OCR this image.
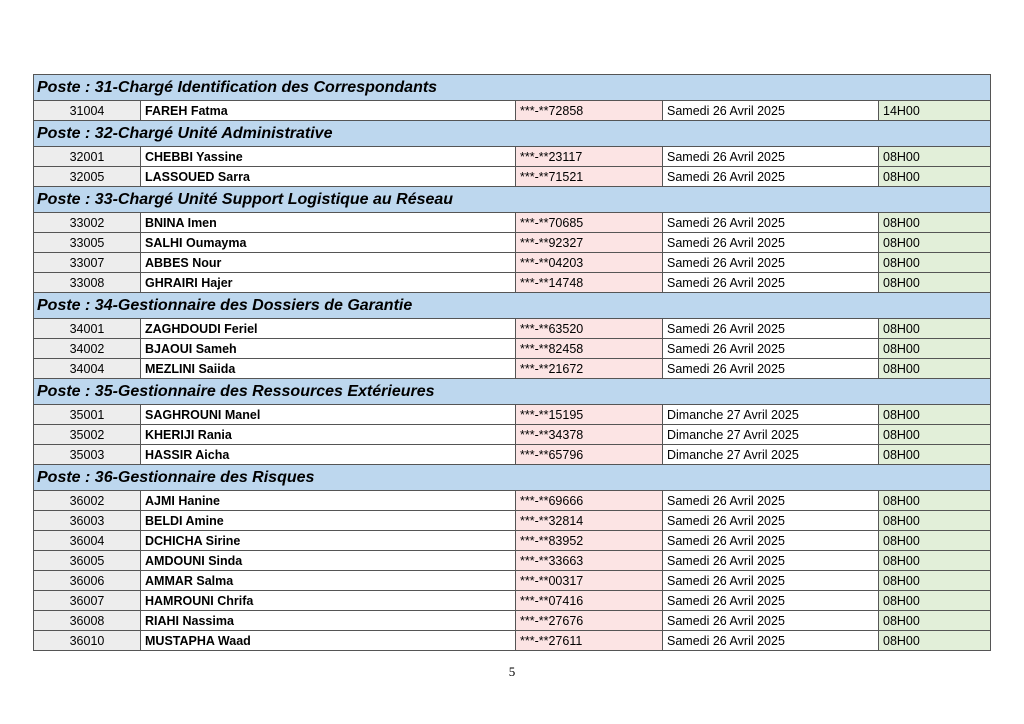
Poste : 31-Chargé Identification des Correspondants				
31004	FAREH Fatma	***-**72858	Samedi 26 Avril 2025	14H00
Poste : 32-Chargé Unité Administrative				
32001	CHEBBI Yassine	***-**23117	Samedi 26 Avril 2025	08H00
32005	LASSOUED Sarra	***-**71521	Samedi 26 Avril 2025	08H00
Poste : 33-Chargé Unité Support Logistique au Réseau				
33002	BNINA Imen	***-**70685	Samedi 26 Avril 2025	08H00
33005	SALHI Oumayma	***-**92327	Samedi 26 Avril 2025	08H00
33007	ABBES Nour	***-**04203	Samedi 26 Avril 2025	08H00
33008	GHRAIRI Hajer	***-**14748	Samedi 26 Avril 2025	08H00
Poste : 34-Gestionnaire des Dossiers de Garantie				
34001	ZAGHDOUDI Feriel	***-**63520	Samedi 26 Avril 2025	08H00
34002	BJAOUI Sameh	***-**82458	Samedi 26 Avril 2025	08H00
34004	MEZLINI Saiida	***-**21672	Samedi 26 Avril 2025	08H00
Poste : 35-Gestionnaire des Ressources Extérieures				
35001	SAGHROUNI Manel	***-**15195	Dimanche 27 Avril 2025	08H00
35002	KHERIJI Rania	***-**34378	Dimanche 27 Avril 2025	08H00
35003	HASSIR Aicha	***-**65796	Dimanche 27 Avril 2025	08H00
Poste : 36-Gestionnaire des Risques				
36002	AJMI Hanine	***-**69666	Samedi 26 Avril 2025	08H00
36003	BELDI Amine	***-**32814	Samedi 26 Avril 2025	08H00
36004	DCHICHA Sirine	***-**83952	Samedi 26 Avril 2025	08H00
36005	AMDOUNI Sinda	***-**33663	Samedi 26 Avril 2025	08H00
36006	AMMAR Salma	***-**00317	Samedi 26 Avril 2025	08H00
36007	HAMROUNI Chrifa	***-**07416	Samedi 26 Avril 2025	08H00
36008	RIAHI Nassima	***-**27676	Samedi 26 Avril 2025	08H00
36010	MUSTAPHA Waad	***-**27611	Samedi 26 Avril 2025	08H00
5
